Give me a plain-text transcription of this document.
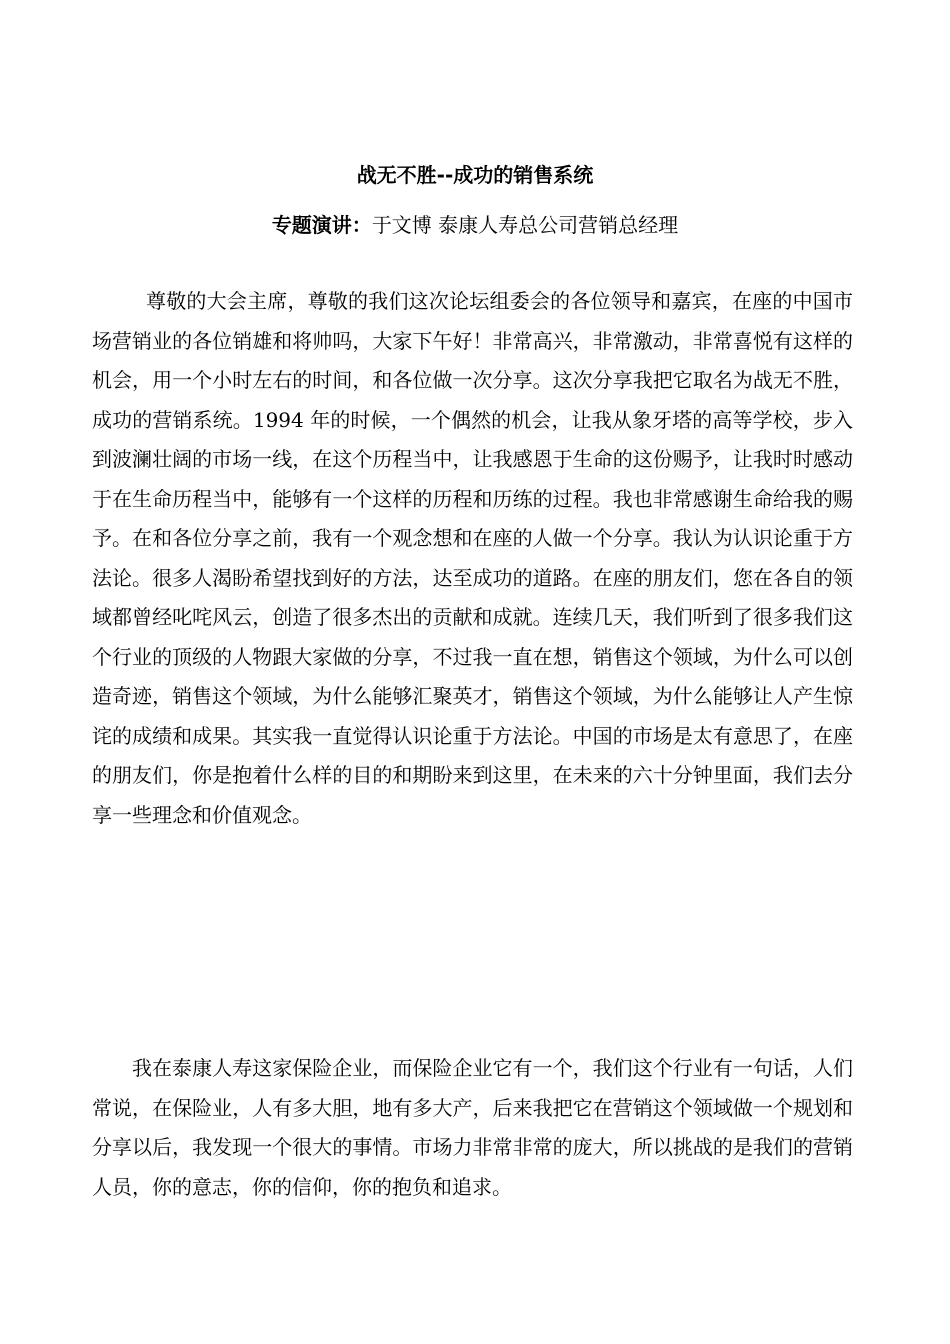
战无不胜--成功的销售系统

专题演讲：于文博 泰康人寿总公司营销总经理

尊敬的大会主席，尊敬的我们这次论坛组委会的各位领导和嘉宾，在座的中国市场营销业的各位销雄和将帅吗，大家下午好！非常高兴，非常激动，非常喜悦有这样的机会，用一个小时左右的时间，和各位做一次分享。这次分享我把它取名为战无不胜，成功的营销系统。1994 年的时候，一个偶然的机会，让我从象牙塔的高等学校，步入到波澜壮阔的市场一线，在这个历程当中，让我感恩于生命的这份赐予，让我时时感动于在生命历程当中，能够有一个这样的历程和历练的过程。我也非常感谢生命给我的赐予。在和各位分享之前，我有一个观念想和在座的人做一个分享。我认为认识论重于方法论。很多人渴盼希望找到好的方法，达至成功的道路。在座的朋友们，您在各自的领域都曾经叱咤风云，创造了很多杰出的贡献和成就。连续几天，我们听到了很多我们这个行业的顶级的人物跟大家做的分享，不过我一直在想，销售这个领域，为什么可以创造奇迹，销售这个领域，为什么能够汇聚英才，销售这个领域，为什么能够让人产生惊诧的成绩和成果。其实我一直觉得认识论重于方法论。中国的市场是太有意思了，在座的朋友们，你是抱着什么样的目的和期盼来到这里，在未来的六十分钟里面，我们去分享一些理念和价值观念。

我在泰康人寿这家保险企业，而保险企业它有一个，我们这个行业有一句话，人们常说，在保险业，人有多大胆，地有多大产，后来我把它在营销这个领域做一个规划和分享以后，我发现一个很大的事情。市场力非常非常的庞大，所以挑战的是我们的营销人员，你的意志，你的信仰，你的抱负和追求。
